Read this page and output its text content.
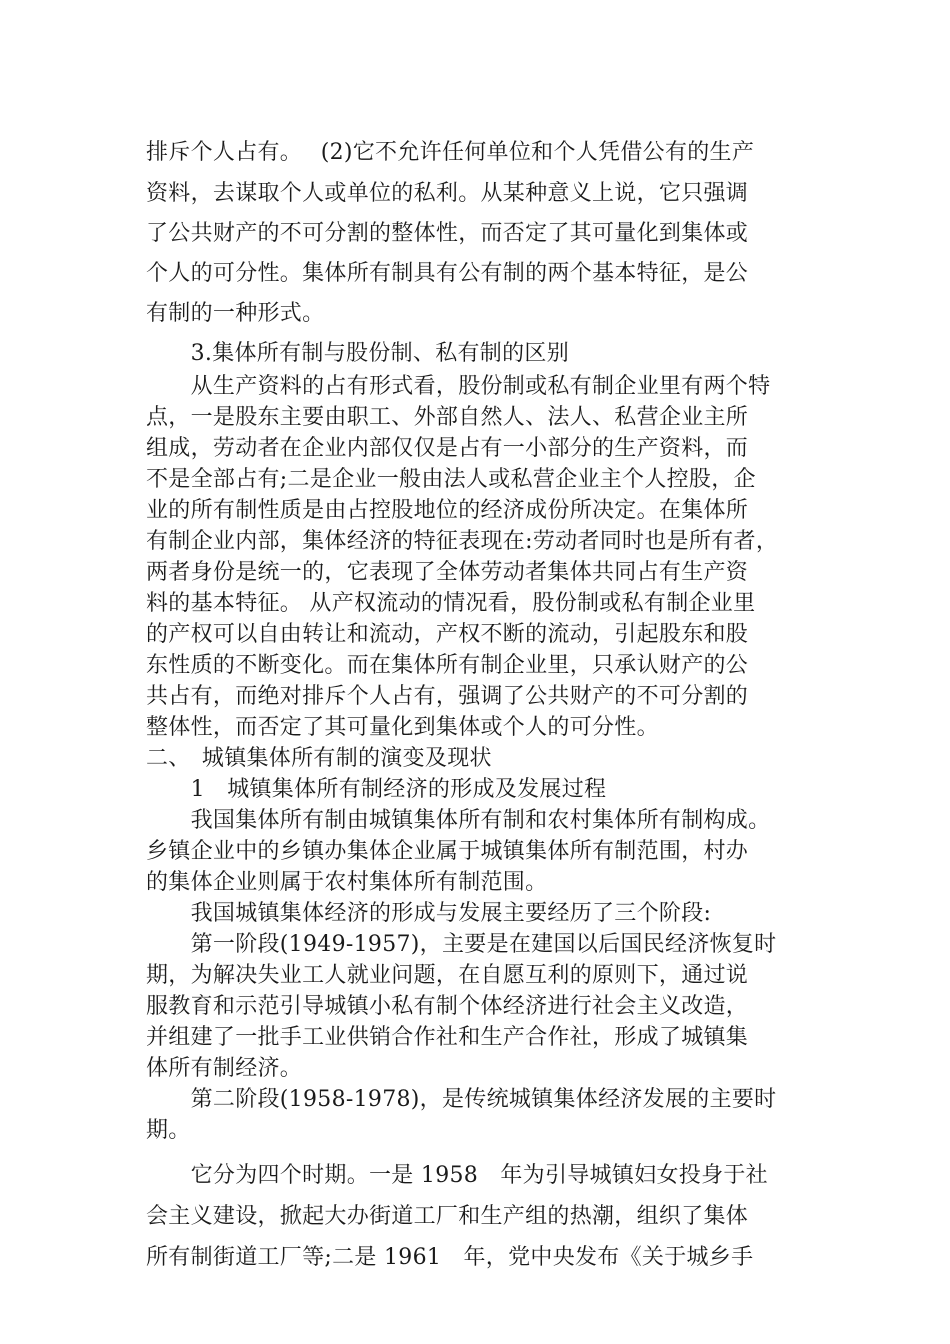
排斥个人占有。　 (2)它不允许任何单位和个人凭借公有的生产
资料，去谋取个人或单位的私利。从某种意义上说，它只强调
了公共财产的不可分割的整体性，而否定了其可量化到集体或
个人的可分性。集体所有制具有公有制的两个基本特征，是公
有制的一种形式。
　　3.集体所有制与股份制、私有制的区别
　　从生产资料的占有形式看，股份制或私有制企业里有两个特
点，一是股东主要由职工、外部自然人、法人、私营企业主所
组成，劳动者在企业内部仅仅是占有一小部分的生产资料，而
不是全部占有;二是企业一般由法人或私营企业主个人控股，企
业的所有制性质是由占控股地位的经济成份所决定。在集体所
有制企业内部，集体经济的特征表现在:劳动者同时也是所有者，
两者身份是统一的，它表现了全体劳动者集体共同占有生产资
料的基本特征。 从产权流动的情况看，股份制或私有制企业里
的产权可以自由转让和流动，产权不断的流动，引起股东和股
东性质的不断变化。而在集体所有制企业里，只承认财产的公
共占有，而绝对排斥个人占有，强调了公共财产的不可分割的
整体性，而否定了其可量化到集体或个人的可分性。
二、　城镇集体所有制的演变及现状
　　1　城镇集体所有制经济的形成及发展过程
　　我国集体所有制由城镇集体所有制和农村集体所有制构成。
乡镇企业中的乡镇办集体企业属于城镇集体所有制范围，村办
的集体企业则属于农村集体所有制范围。
　　我国城镇集体经济的形成与发展主要经历了三个阶段:
　　第一阶段(1949-1957)，主要是在建国以后国民经济恢复时
期，为解决失业工人就业问题，在自愿互利的原则下，通过说
服教育和示范引导城镇小私有制个体经济进行社会主义改造，
并组建了一批手工业供销合作社和生产合作社，形成了城镇集
体所有制经济。
　　第二阶段(1958-1978)，是传统城镇集体经济发展的主要时
期。
　　它分为四个时期。一是 1958　年为引导城镇妇女投身于社
会主义建设，掀起大办街道工厂和生产组的热潮，组织了集体
所有制街道工厂等;二是 1961　年，党中央发布《关于城乡手
